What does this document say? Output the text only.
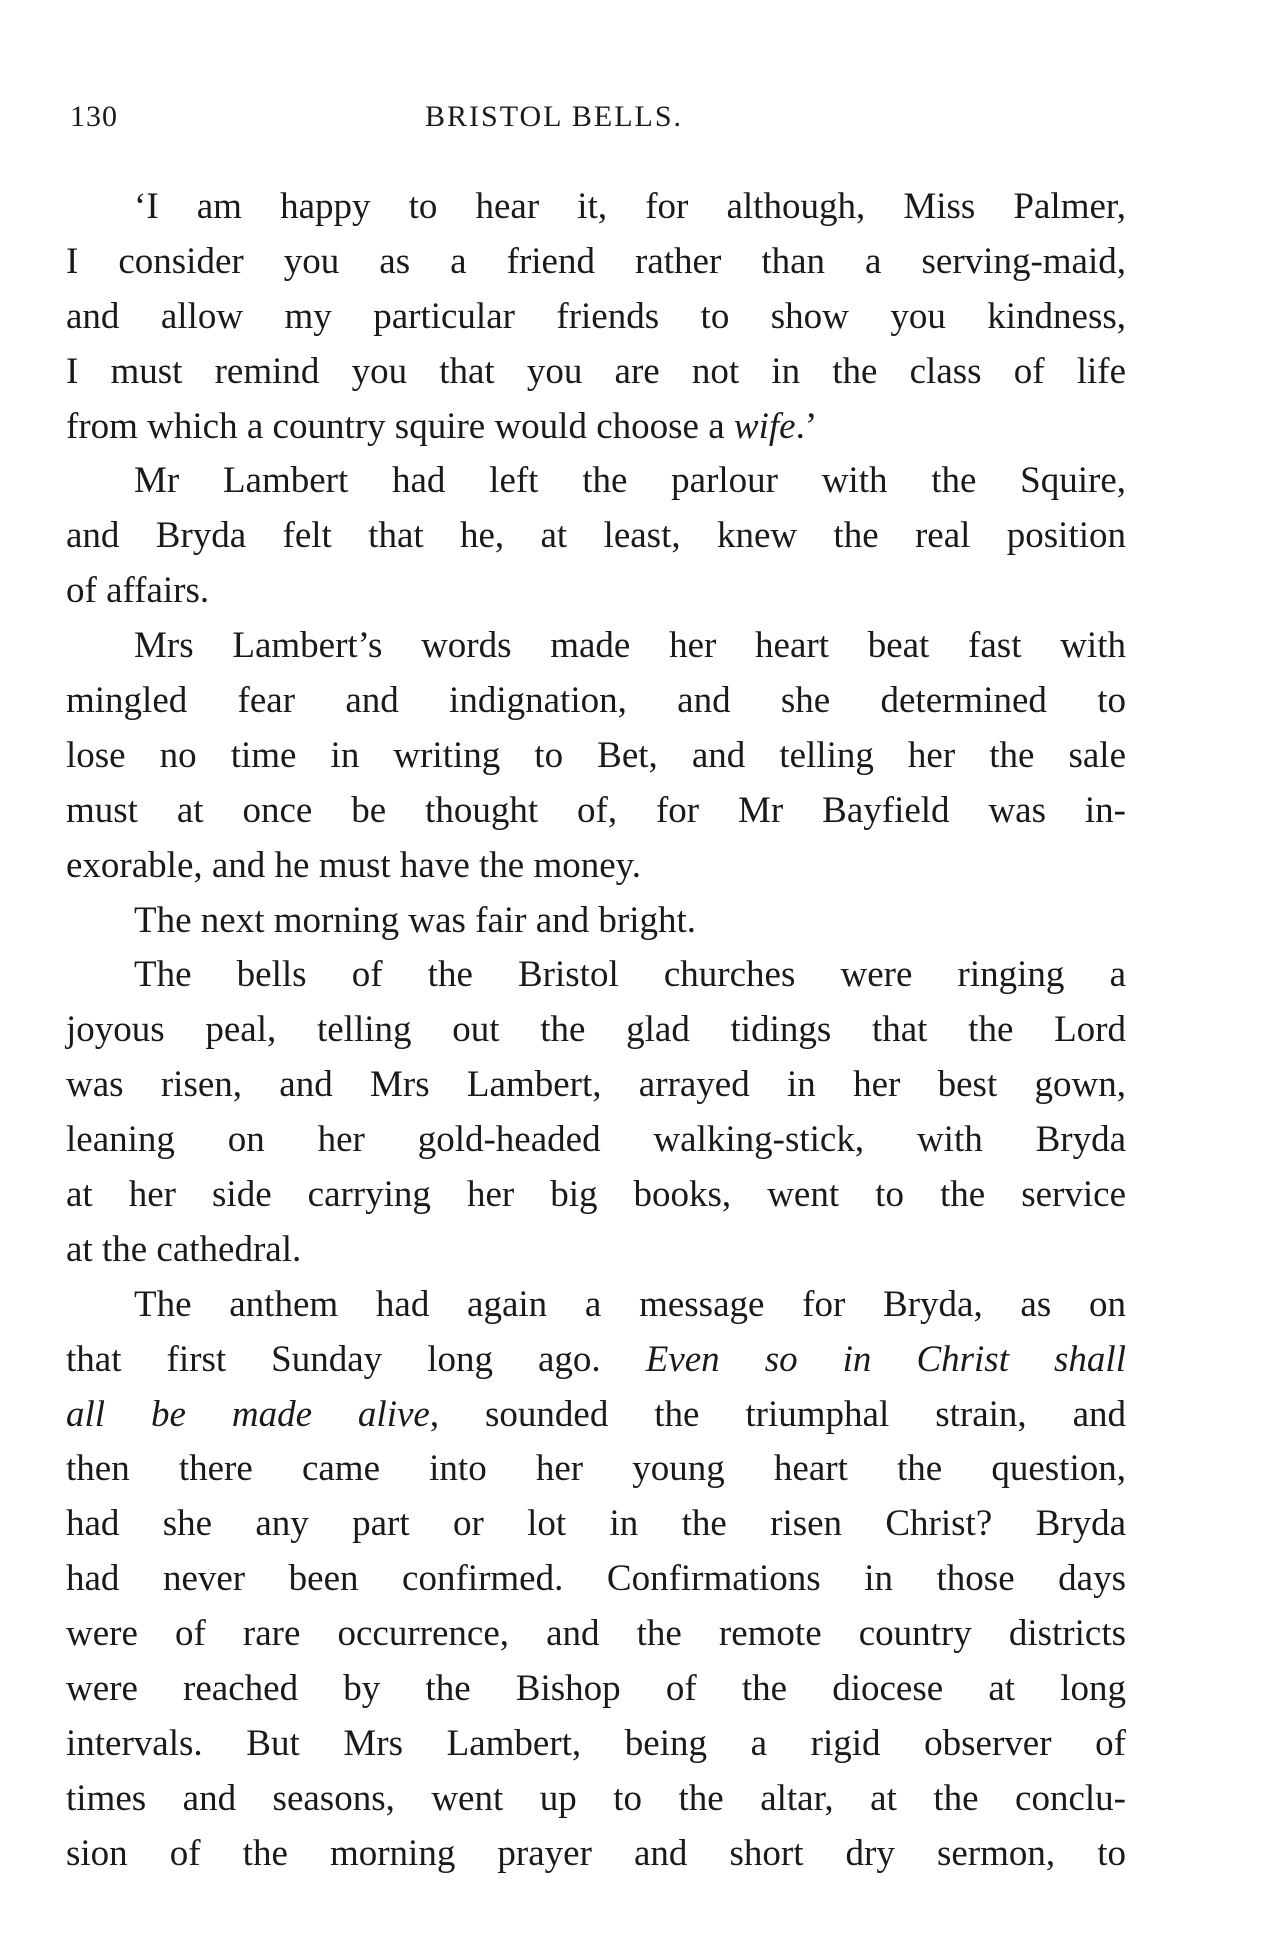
130	BRISTOL BELLS.
‘I am happy to hear it, for although, Miss Palmer,
I consider you as a friend rather than a serving-maid,
and allow my particular friends to show you kindness,
I must remind you that you are not in the class of life
from which a country squire would choose a wife.’
Mr Lambert had left the parlour with the Squire,
and Bryda felt that he, at least, knew the real position
of affairs.
Mrs Lambert’s words made her heart beat fast with
mingled fear and indignation, and she determined to
lose no time in writing to Bet, and telling her the sale
must at once be thought of, for Mr Bayfield was in-
exorable, and he must have the money.
The next morning was fair and bright.
The bells of the Bristol churches were ringing a
joyous peal, telling out the glad tidings that the Lord
was risen, and Mrs Lambert, arrayed in her best gown,
leaning on her gold-headed walking-stick, with Bryda
at her side carrying her big books, went to the service
at the cathedral.
The anthem had again a message for Bryda, as on
that first Sunday long ago. Even so in Christ shall
all be made alive, sounded the triumphal strain, and
then there came into her young heart the question,
had she any part or lot in the risen Christ? Bryda
had never been confirmed. Confirmations in those days
were of rare occurrence, and the remote country districts
were reached by the Bishop of the diocese at long
intervals. But Mrs Lambert, being a rigid observer of
times and seasons, went up to the altar, at the conclu-
sion of the morning prayer and short dry sermon, to
